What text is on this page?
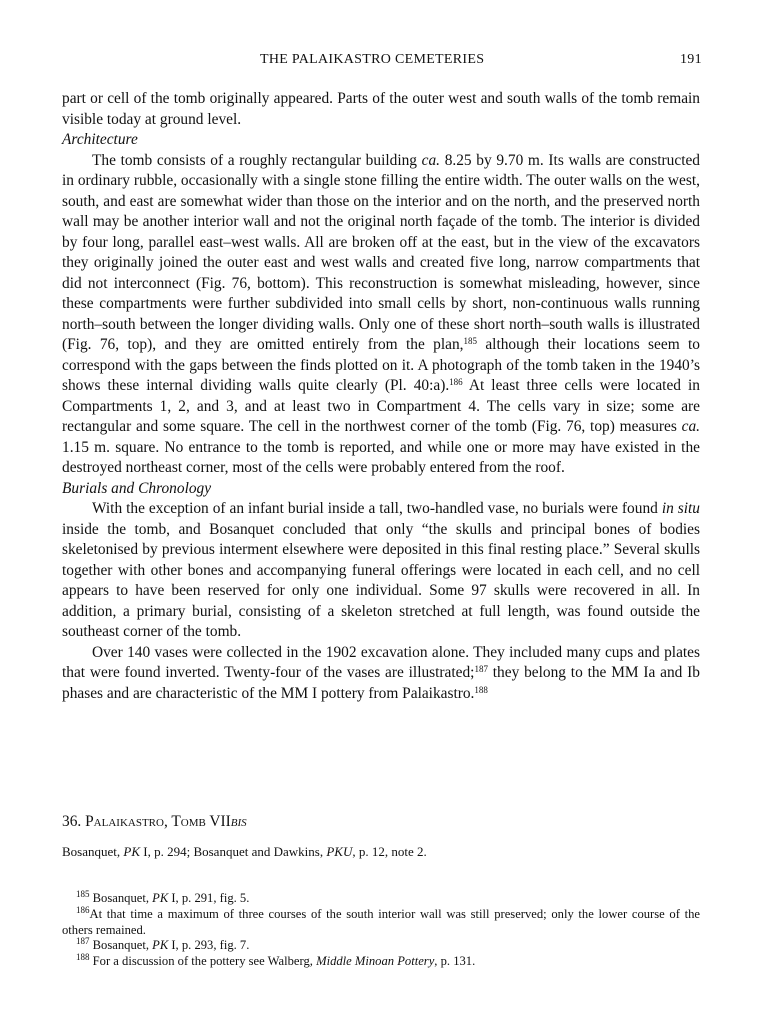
THE PALAIKASTRO CEMETERIES	191

part or cell of the tomb originally appeared. Parts of the outer west and south walls of the tomb remain visible today at ground level.

Architecture

The tomb consists of a roughly rectangular building ca. 8.25 by 9.70 m. Its walls are constructed in ordinary rubble, occasionally with a single stone filling the entire width. The outer walls on the west, south, and east are somewhat wider than those on the interior and on the north, and the preserved north wall may be another interior wall and not the original north façade of the tomb. The interior is divided by four long, parallel east–west walls. All are broken off at the east, but in the view of the excavators they originally joined the outer east and west walls and created five long, narrow compartments that did not interconnect (Fig. 76, bottom). This reconstruction is somewhat misleading, however, since these compartments were further subdivided into small cells by short, non-continuous walls running north–south between the longer dividing walls. Only one of these short north–south walls is illustrated (Fig. 76, top), and they are omitted entirely from the plan,$^{185}$ although their locations seem to correspond with the gaps between the finds plotted on it. A photograph of the tomb taken in the 1940’s shows these internal dividing walls quite clearly (Pl. 40:a).$^{186}$ At least three cells were located in Compartments 1, 2, and 3, and at least two in Compartment 4. The cells vary in size; some are rectangular and some square. The cell in the northwest corner of the tomb (Fig. 76, top) measures ca. 1.15 m. square. No entrance to the tomb is reported, and while one or more may have existed in the destroyed northeast corner, most of the cells were probably entered from the roof.

Burials and Chronology

With the exception of an infant burial inside a tall, two-handled vase, no burials were found in situ inside the tomb, and Bosanquet concluded that only “the skulls and principal bones of bodies skeletonised by previous interment elsewhere were deposited in this final resting place.” Several skulls together with other bones and accompanying funeral offerings were located in each cell, and no cell appears to have been reserved for only one individual. Some 97 skulls were recovered in all. In addition, a primary burial, consisting of a skeleton stretched at full length, was found outside the southeast corner of the tomb.

Over 140 vases were collected in the 1902 excavation alone. They included many cups and plates that were found inverted. Twenty-four of the vases are illustrated;$^{187}$ they belong to the MM Ia and Ib phases and are characteristic of the MM I pottery from Palaikastro.$^{188}$

36. Palaikastro, Tomb VIIbis
Bosanquet, PK I, p. 294; Bosanquet and Dawkins, PKU, p. 12, note 2.

$^{185}$ Bosanquet, PK I, p. 291, fig. 5.

$^{186}$At that time a maximum of three courses of the south interior wall was still preserved; only the lower course of the others remained.

$^{187}$ Bosanquet, PK I, p. 293, fig. 7.

$^{188}$ For a discussion of the pottery see Walberg, Middle Minoan Pottery, p. 131.
